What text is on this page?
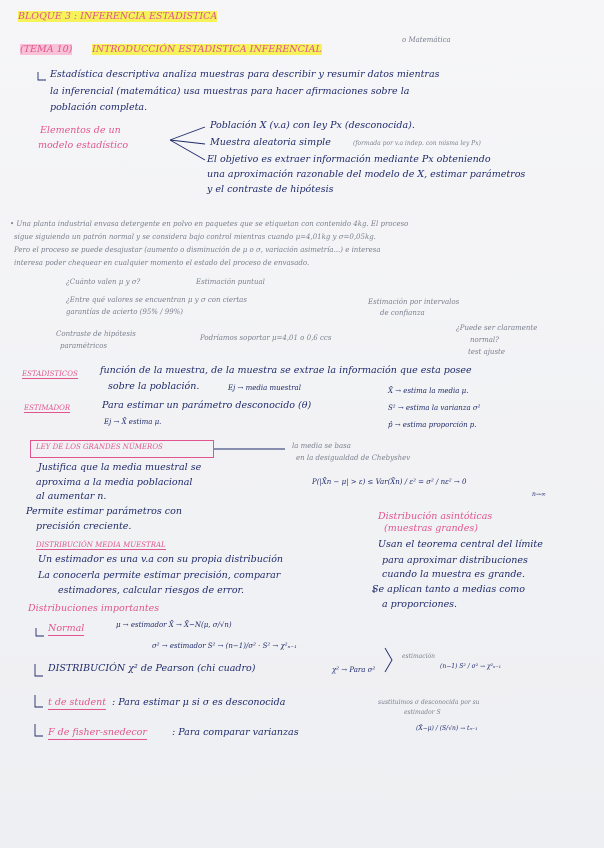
BLOQUE 3 : INFERENCIA ESTADISTICA
(TEMA 10) INTRODUCCIÓN ESTADISTICA INFERENCIAL
o Matemática
Estadística descriptiva analiza muestras para describir y resumir datos mientras
la inferencial (matemática) usa muestras para hacer afirmaciones sobre la
población completa.
Elementos de un
modelo estadístico
Población X (v.a) con ley Px (desconocida).
Muestra aleatoria simple	(formada por v.a indep. con misma ley Px)
El objetivo es extraer información mediante Px obteniendo
una aproximación razonable del modelo de X, estimar parámetros
y el contraste de hipótesis
• Una planta industrial envasa detergente en polvo en paquetes que se etiquetan con contenido 4kg. El proceso
sigue siguiendo un patrón normal y se considera bajo control mientras cuando μ=4,01kg y σ=0,05kg.
Pero el proceso se puede desajustar (aumento o disminución de μ o σ, variación asimetría...) e interesa
interesa poder chequear en cualquier momento el estado del proceso de envasado.
¿Cuánto valen μ y σ?	Estimación puntual
¿Entre qué valores se encuentran μ y σ con ciertas
garantías de acierto (95% / 99%)
Estimación por intervalos
de confianza
Contraste de hipótesis
paramétricos
Podríamos soportar μ=4,01 o 0,6 ccs
¿Puede ser claramente
normal?
test ajuste
ESTADISTICOS función de la muestra, de la muestra se extrae la información que esta posee
sobre la población.	Ej → media muestral
ESTIMADOR	Para estimar un parámetro desconocido (θ)
Ej → X̄ estima μ.
X̄ → estima la media μ.
S² → estima la varianza σ²
p̂ → estima proporción p.
LEY DE LOS GRANDES NÚMEROS	la media se basa
en la desigualdad de Chebyshev
Justifica que la media muestral se
aproxima a la media poblacional
al aumentar n.
P(|X̄n − μ| > ε) ≤ Var(X̄n) / ε² = σ² / nε² → 0
n→∞
Permite estimar parámetros con
precisión creciente.
Distribución asintóticas
(muestras grandes)
Usan el teorema central del límite
para aproximar distribuciones
cuando la muestra es grande.
Se aplican tanto a medias como
a proporciones.
DISTRIBUCIÓN MEDIA MUESTRAL
Un estimador es una v.a con su propia distribución
La conocerla permite estimar precisión, comparar
estimadores, calcular riesgos de error.
Distribuciones importantes
Normal	μ → estimador X̄ → X̄~N(μ, σ/√n)
σ² → estimador S² → (n−1)/σ² · S² → χ²ₙ₋₁
DISTRIBUCIÓN χ² de Pearson (chi cuadro)	χ² → Para σ²
estimación
(n−1) S² / σ² → χ²ₙ₋₁
t de student : Para estimar μ si σ es desconocida	sustituimos σ desconocida por su
estimador S
(X̄−μ) / (S/√n) → tₙ₋₁
F de fisher-snedecor	: Para comparar varianzas
